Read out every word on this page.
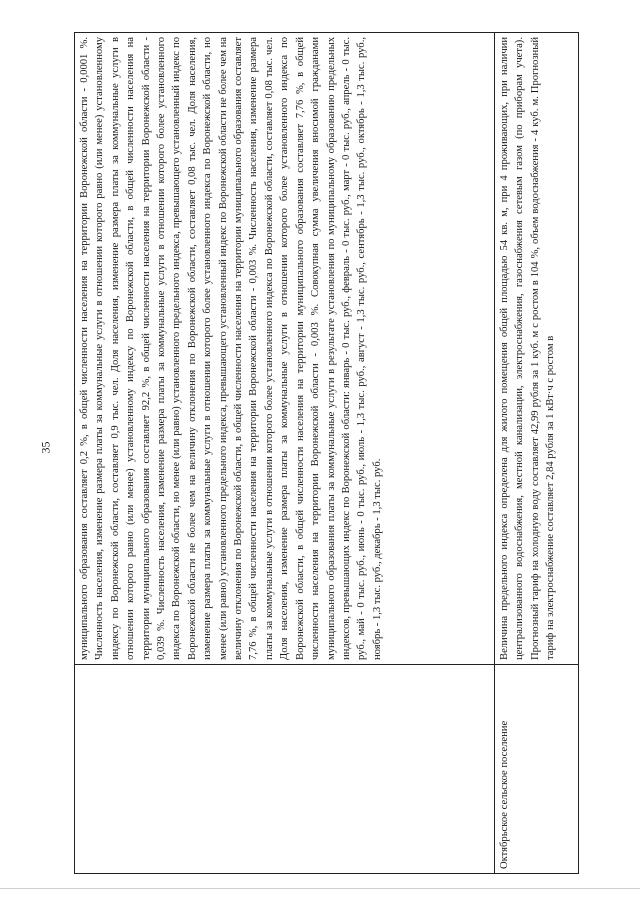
35
		муниципального образования составляет 0,2 %, в общей численности населения на территории Воронежской области - 0,0001 %. Численность населения, изменение размера платы за коммунальные услуги в отношении которого равно (или менее) установленному индексу по Воронежской области, составляет 0,9 тыс. чел. Доля населения, изменение размера платы за коммунальные услуги в отношении которого равно (или менее) установленному индексу по Воронежской области, в общей численности населения на территории муниципального образования составляет 92,2 %, в общей численности населения на территории Воронежской области - 0,039 %. Численность населения, изменение размера платы за коммунальные услуги в отношении которого более установленного индекса по Воронежской области, но менее (или равно) установленного предельного индекса, превышающего установленный индекс по Воронежской области не более чем на величину отклонения по Воронежской области, составляет 0,08 тыс. чел. Доля населения, изменение размера платы за коммунальные услуги в отношении которого более установленного индекса по Воронежской области, но менее (или равно) установленного предельного индекса, превышающего установленный индекс по Воронежской области не более чем на величину отклонения по Воронежской области, в общей численности населения на территории муниципального образования составляет 7,76 %, в общей численности населения на территории Воронежской области - 0,003 %. Численность населения, изменение размера платы за коммунальные услуги в отношении которого более установленного индекса по Воронежской области, составляет 0,08 тыс. чел. Доля населения, изменение размера платы за коммунальные услуги в отношении которого более установленного индекса по Воронежской области, в общей численности населения на территории муниципального образования составляет 7,76 %, в общей численности населения на территории Воронежской области - 0,003 %. Совокупная сумма увеличения вносимой гражданами муниципального образования платы за коммунальные услуги в результате установления по муниципальному образованию предельных индексов, превышающих индекс по Воронежской области: январь - 0 тыс. руб., февраль - 0 тыс. руб., март - 0 тыс. руб., апрель - 0 тыс. руб., май - 0 тыс. руб., июнь - 0 тыс. руб., июль - 1,3 тыс. руб., август - 1,3 тыс. руб., сентябрь - 1,3 тыс. руб., октябрь - 1,3 тыс. руб., ноябрь - 1,3 тыс. руб., декабрь - 1,3 тыс. руб.
Октябрьское сельское поселение	Величина предельного индекса определена для жилого помещения общей площадью 54 кв. м, при 4 проживающих, при наличии централизованного водоснабжения, местной канализации, электроснабжения, газоснабжения сетевым газом (по приборам учета). Прогнозный тариф на холодную воду составляет 42,99 рубля за 1 куб. м с ростом в 104 %, объем водоснабжения - 4 куб. м. Прогнозный тариф на электроснабжение составляет 2,84 рубля за 1 кВт·ч с ростом в
